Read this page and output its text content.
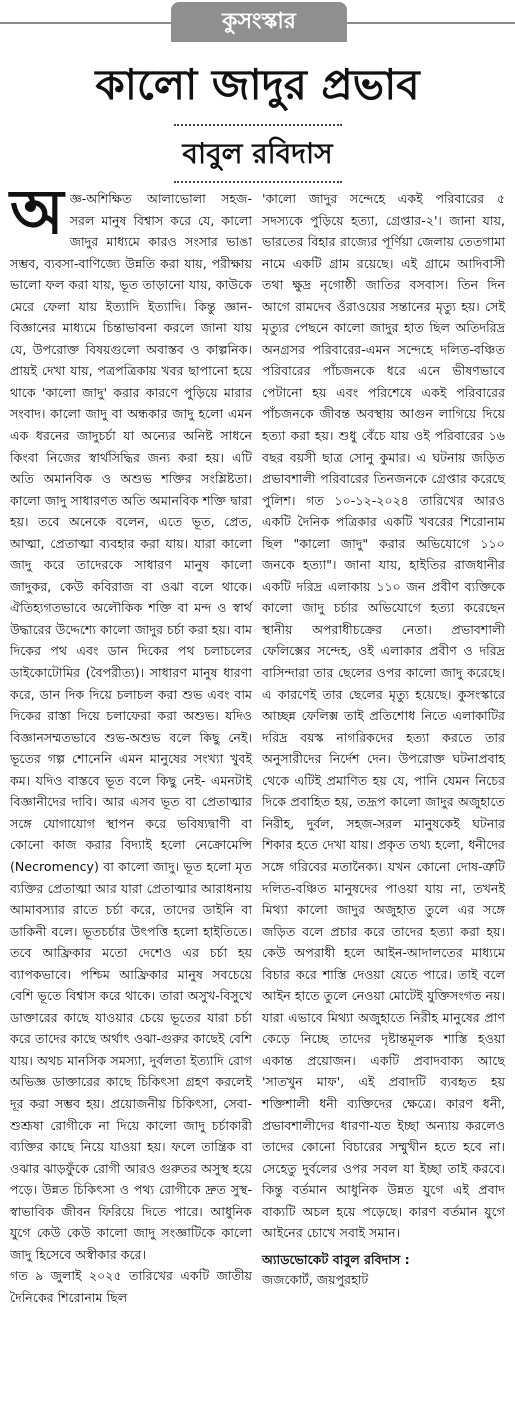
কুসংস্কার
কালো জাদুর প্রভাব
বাবুল রবিদাস

অজ্ঞ-অশিক্ষিত আলাভোলা সহজ-সরল মানুষ বিশ্বাস করে যে, কালো জাদুর মাধ্যমে কারও সংসার ভাঙা সম্ভব, ব্যবসা-বাণিজ্যে উন্নতি করা যায়, পরীক্ষায় ভালো ফল করা যায়, ভূত তাড়ানো যায়, কাউকে মেরে ফেলা যায় ইত্যাদি ইত্যাদি। কিন্তু জ্ঞান-বিজ্ঞানের মাধ্যমে চিন্তাভাবনা করলে জানা যায় যে, উপরোক্ত বিষয়গুলো অবাস্তব ও কাল্পনিক। প্রায়ই দেখা যায়, পত্রপত্রিকায় খবর ছাপানো হয়ে থাকে 'কালো জাদু' করার কারণে পুড়িয়ে মারার সংবাদ। কালো জাদু বা অন্ধকার জাদু হলো এমন এক ধরনের জাদুচর্চা যা অন্যের অনিষ্ট সাধনে কিংবা নিজের স্বার্থসিদ্ধির জন্য করা হয়। এটি অতি অমানবিক ও অশুভ শক্তির সংশ্লিষ্টতা। কালো জাদু সাধারণত অতি অমানবিক শক্তি দ্বারা হয়। তবে অনেকে বলেন, এতে ভূত, প্রেত, আত্মা, প্রেতাত্মা ব্যবহার করা যায়। যারা কালো জাদু করে তাদেরকে সাধারণ মানুষ কালো জাদুকর, কেউ কবিরাজ বা ওঝা বলে থাকে। ঐতিহ্যগতভাবে অলৌকিক শক্তি বা মন্দ ও স্বার্থ উদ্ধারের উদ্দেশ্যে কালো জাদুর চর্চা করা হয়। বাম দিকের পথ এবং ডান দিকের পথ চলাচলের ডাইকোটোমির (বৈপরীত্য)। সাধারণ মানুষ ধারণা করে, ডান দিক দিয়ে চলাচল করা শুভ এবং বাম দিকের রাস্তা দিয়ে চলাফেরা করা অশুভ। যদিও বিজ্ঞানসম্মতভাবে শুভ-অশুভ বলে কিছু নেই। ভূতের গল্প শোনেনি এমন মানুষের সংখ্যা খুবই কম। যদিও বাস্তবে ভূত বলে কিছু নেই- এমনটাই বিজ্ঞানীদের দাবি। আর এসব ভূত বা প্রেতাত্মার সঙ্গে যোগাযোগ স্থাপন করে ভবিষ্যদ্বাণী বা কোনো কাজ করার বিদ্যাই হলো নেক্রোমেন্সি (Necromency) বা কালো জাদু। ভূত হলো মৃত ব্যক্তির প্রেতাত্মা আর যারা প্রেতাত্মার আরাধনায় আমাবস্যার রাতে চর্চা করে, তাদের ডাইনি বা ডাকিনী বলে। ভূতচর্চার উৎপত্তি হলো হাইতিতে। তবে আফ্রিকার মতো দেশেও এর চর্চা হয় ব্যাপকভাবে। পশ্চিম আফ্রিকার মানুষ সবচেয়ে বেশি ভূতে বিশ্বাস করে থাকে। তারা অসুখ-বিসুখে ডাক্তারের কাছে যাওয়ার চেয়ে ভূতের যারা চর্চা করে তাদের কাছে অর্থাৎ ওঝা-গুরুর কাছেই বেশি যায়। অথচ মানসিক সমস্যা, দুর্বলতা ইত্যাদি রোগ অভিজ্ঞ ডাক্তারের কাছে চিকিৎসা গ্রহণ করলেই দূর করা সম্ভব হয়। প্রয়োজনীয় চিকিৎসা, সেবা-শুশ্রূষা রোগীকে না দিয়ে কালো জাদু চর্চাকারী ব্যক্তির কাছে নিয়ে যাওয়া হয়। ফলে তান্ত্রিক বা ওঝার ঝাড়ফুঁকে রোগী আরও গুরুতর অসুস্থ হয়ে পড়ে। উন্নত চিকিৎসা ও পথ্য রোগীকে দ্রুত সুস্থ-স্বাভাবিক জীবন ফিরিয়ে দিতে পারে। আধুনিক যুগে কেউ কেউ কালো জাদু সংজ্ঞাটিকে কালো জাদু হিসেবে অস্বীকার করে।

গত ৯ জুলাই ২০২৫ তারিখের একটি জাতীয় দৈনিকের শিরোনাম ছিল

'কালো জাদুর সন্দেহে একই পরিবারের ৫ সদস্যকে পুড়িয়ে হত্যা, গ্রেপ্তার-২'। জানা যায়, ভারতের বিহার রাজ্যের পূর্ণিয়া জেলায় তেতগামা নামে একটি গ্রাম রয়েছে। এই গ্রামে আদিবাসী তথা ক্ষুদ্র নৃগোষ্ঠী জাতির বসবাস। তিন দিন আগে রামদেব ওঁরাওয়ের সন্তানের মৃত্যু হয়। সেই মৃত্যুর পেছনে কালো জাদুর হাত ছিল অতিদরিদ্র অনগ্রসর পরিবারের-এমন সন্দেহে দলিত-বঞ্চিত পরিবারের পাঁচজনকে ধরে এনে ভীষণভাবে পেটানো হয় এবং পরিশেষে একই পরিবারের পাঁচজনকে জীবন্ত অবস্থায় আগুন লাগিয়ে দিয়ে হত্যা করা হয়। শুধু বেঁচে যায় ওই পরিবারের ১৬ বছর বয়সী ছাত্র সোনু কুমার। এ ঘটনায় জড়িত প্রভাবশালী পরিবারের তিনজনকে গ্রেপ্তার করেছে পুলিশ। গত ১০-১২-২০২৪ তারিখের আরও একটি দৈনিক পত্রিকার একটি খবরের শিরোনাম ছিল "কালো জাদু" করার অভিযোগে ১১০ জনকে হত্যা"। জানা যায়, হাইতির রাজধানীর একটি দরিদ্র এলাকায় ১১০ জন প্রবীণ ব্যক্তিকে কালো জাদু চর্চার অভিযোগে হত্যা করেছেন স্থানীয় অপরাধীচক্রের নেতা। প্রভাবশালী ফেলিক্সের সন্দেহ, ওই এলাকার প্রবীণ ও দরিদ্র বাসিন্দারা তার ছেলের ওপর কালো জাদু করেছে। এ কারণেই তার ছেলের মৃত্যু হয়েছে। কুসংস্কারে আচ্ছন্ন ফেলিক্স তাই প্রতিশোধ নিতে এলাকাটির দরিদ্র বয়স্ক নাগরিকদের হত্যা করতে তার অনুসারীদের নির্দেশ দেন। উপরোক্ত ঘটনাপ্রবাহ থেকে এটিই প্রমাণিত হয় যে, পানি যেমন নিচের দিকে প্রবাহিত হয়, তদ্রূপ কালো জাদুর অজুহাতে নিরীহ, দুর্বল, সহজ-সরল মানুষকেই ঘটনার শিকার হতে দেখা যায়। প্রকৃত তথ্য হলো, ধনীদের সঙ্গে গরিবের মতানৈক্য। যখন কোনো দোষ-ত্রুটি দলিত-বঞ্চিত মানুষদের পাওয়া যায় না, তখনই মিথ্যা কালো জাদুর অজুহাত তুলে এর সঙ্গে জড়িত বলে প্রচার করে তাদের হত্যা করা হয়। কেউ অপরাধী হলে আইন-আদালতের মাধ্যমে বিচার করে শাস্তি দেওয়া যেতে পারে। তাই বলে আইন হাতে তুলে নেওয়া মোটেই যুক্তিসংগত নয়। যারা এভাবে মিথ্যা অজুহাতে নিরীহ মানুষের প্রাণ কেড়ে নিচ্ছে তাদের দৃষ্টান্তমূলক শাস্তি হওয়া একান্ত প্রয়োজন। একটি প্রবাদবাক্য আছে 'সাতখুন মাফ', এই প্রবাদটি ব্যবহৃত হয় শক্তিশালী ধনী ব্যক্তিদের ক্ষেত্রে। কারণ ধনী, প্রভাবশালীদের ধারণা-যত ইচ্ছা অন্যায় করলেও তাদের কোনো বিচারের সম্মুখীন হতে হবে না। সেহেতু দুর্বলের ওপর সবল যা ইচ্ছা তাই করবে। কিন্তু বর্তমান আধুনিক উন্নত যুগে এই প্রবাদ বাক্যটি অচল হয়ে পড়েছে। কারণ বর্তমান যুগে আইনের চোখে সবাই সমান।

অ্যাডভোকেট বাবুল রবিদাস :
জজকোর্ট, জয়পুরহাট
